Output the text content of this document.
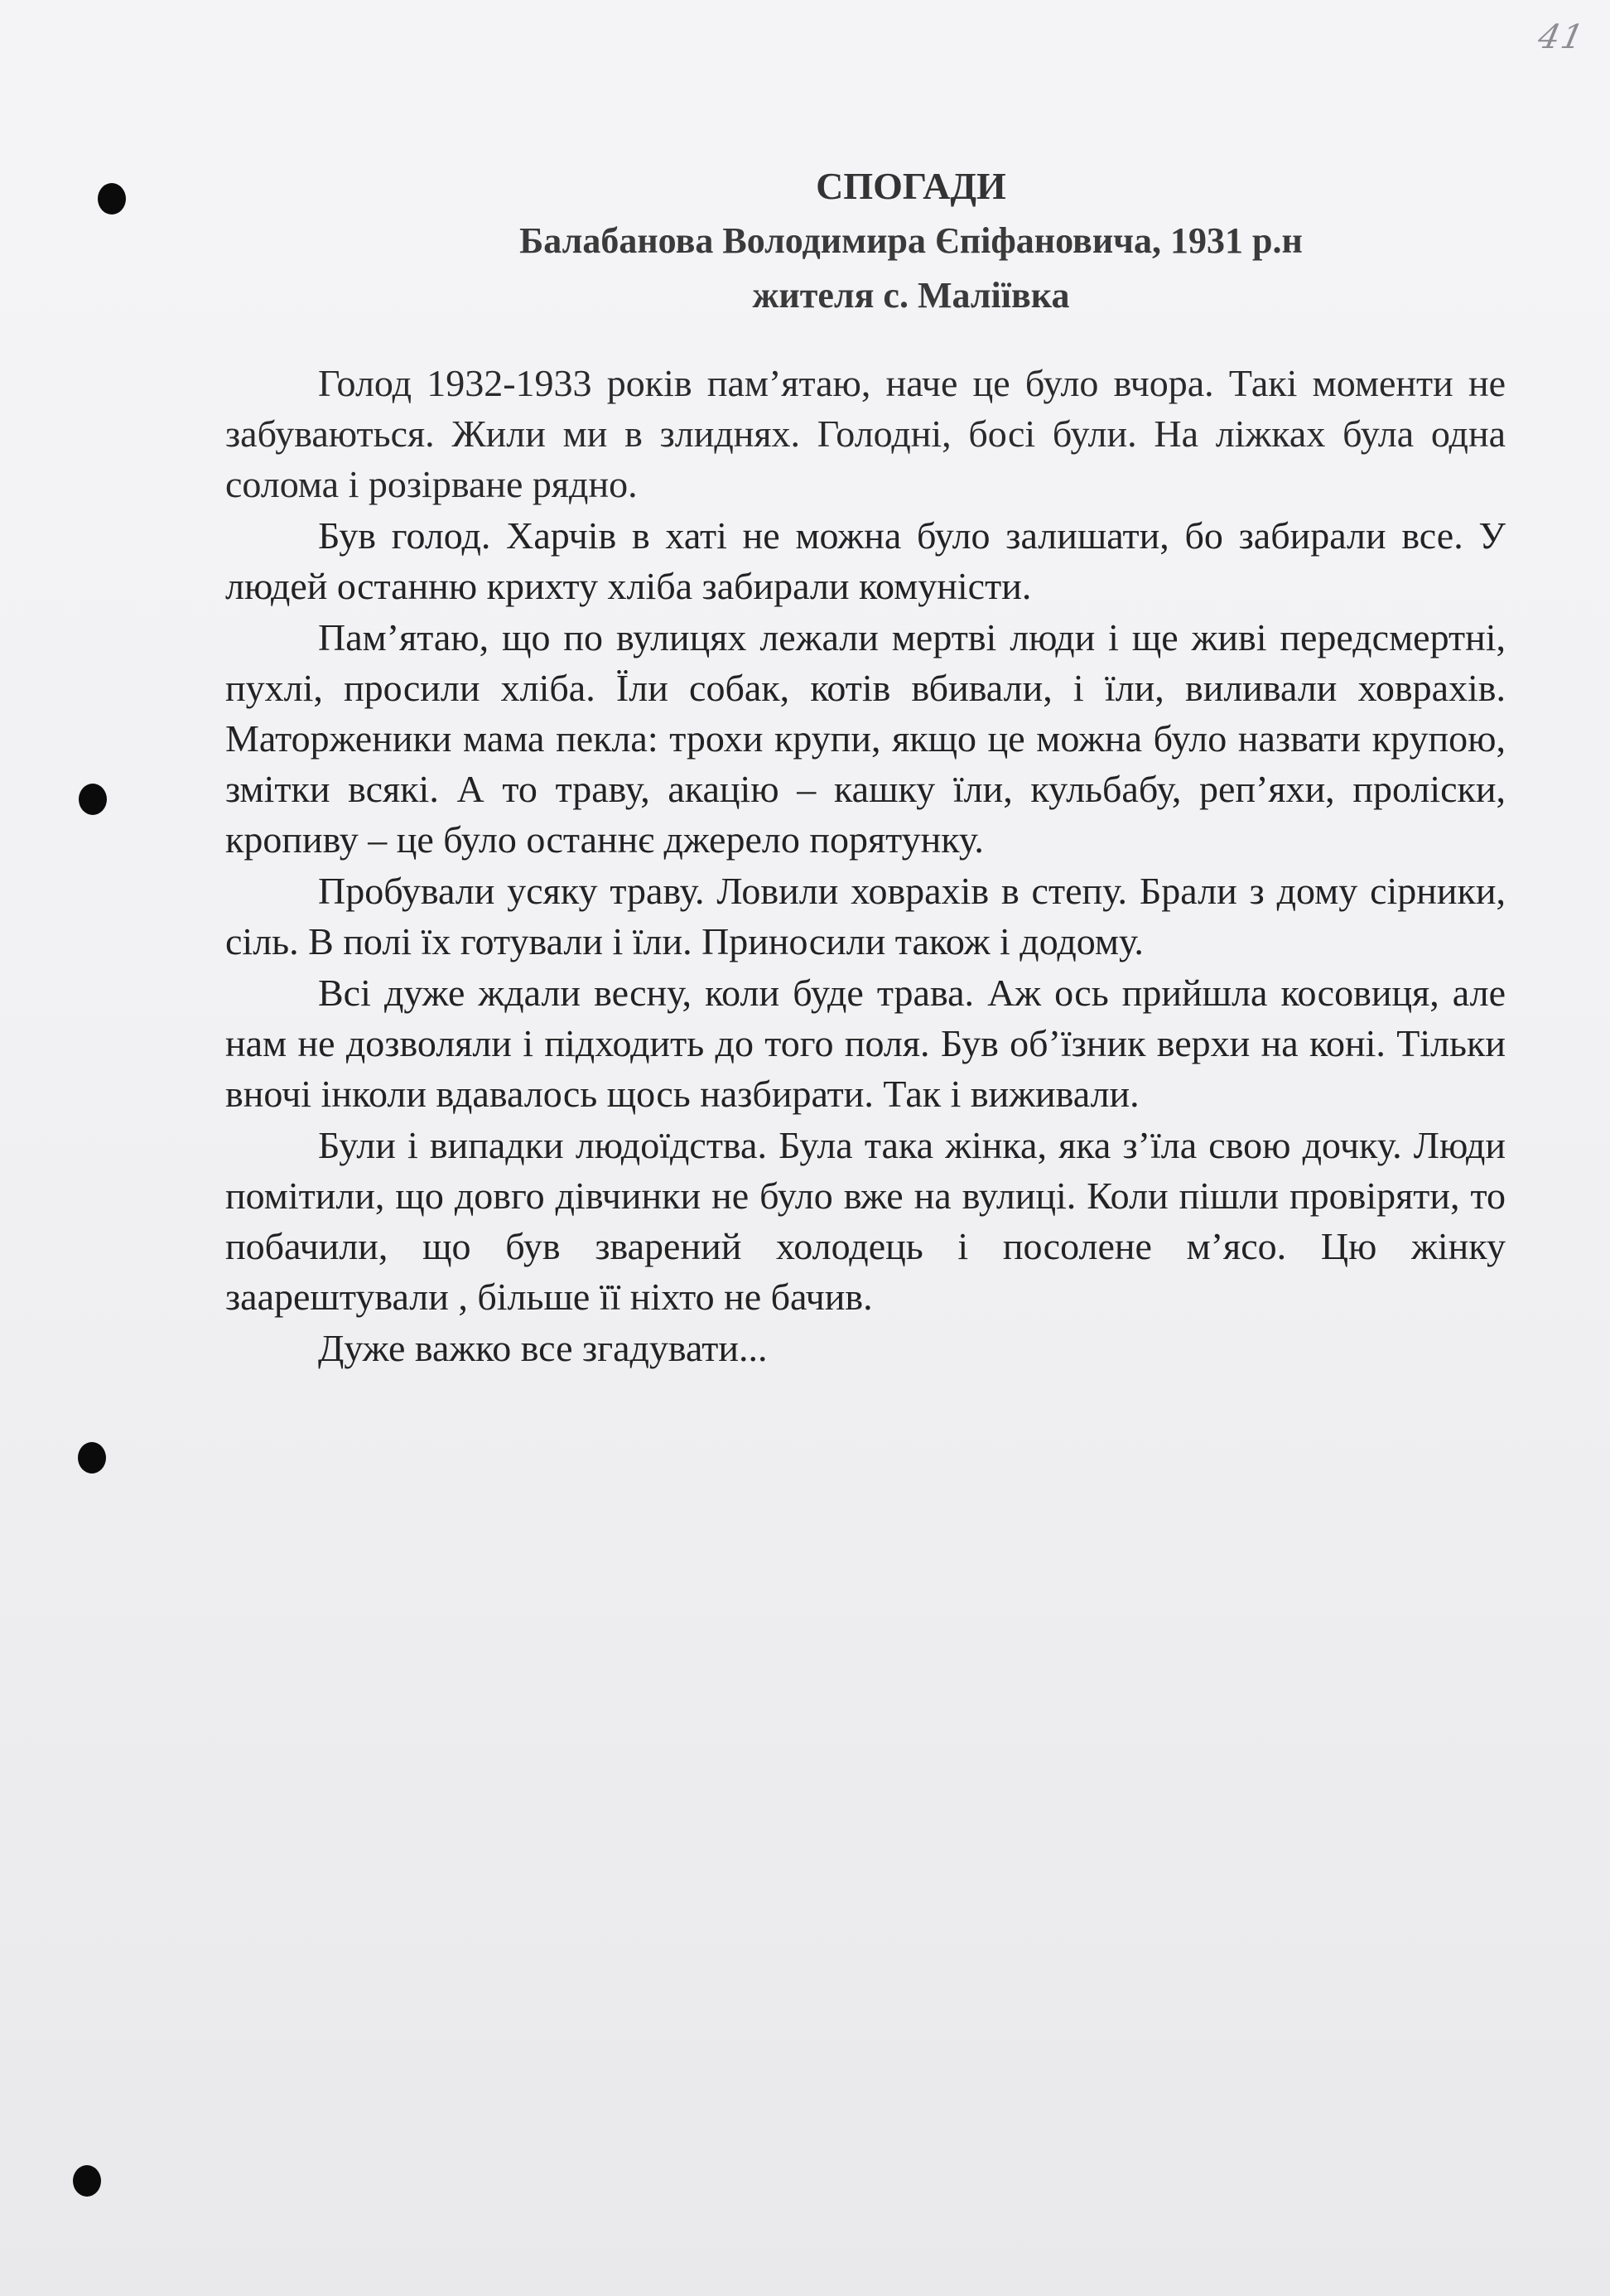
41
СПОГАДИ
Балабанова Володимира Єпіфановича, 1931 р.н
жителя с. Маліївка

Голод 1932-1933 років пам’ятаю, наче це було вчора. Такі моменти не забуваються. Жили ми в злиднях. Голодні, босі були. На ліжках була одна солома і розірване рядно.

Був голод. Харчів в хаті не можна було залишати, бо забирали все. У людей останню крихту хліба забирали комуністи.

Пам’ятаю, що по вулицях лежали мертві люди і ще живі передсмертні, пухлі, просили хліба. Їли собак, котів вбивали, і їли, виливали ховрахів. Маторженики мама пекла: трохи крупи, якщо це можна було назвати крупою, змітки всякі. А то траву, акацію – кашку їли, кульбабу, реп’яхи, проліски, кропиву – це було останнє джерело порятунку.

Пробували усяку траву. Ловили ховрахів в степу. Брали з дому сірники, сіль. В полі їх готували і їли. Приносили також і додому.

Всі дуже ждали весну, коли буде трава. Аж ось прийшла косовиця, але нам не дозволяли і підходить до того поля. Був об’їзник верхи на коні. Тільки вночі інколи вдавалось щось назбирати. Так і виживали.

Були і випадки людоїдства. Була така жінка, яка з’їла свою дочку. Люди помітили, що довго дівчинки не було вже на вулиці. Коли пішли провіряти, то побачили, що був зварений холодець і посолене м’ясо. Цю жінку заарештували , більше її ніхто не бачив.

Дуже важко все згадувати...
